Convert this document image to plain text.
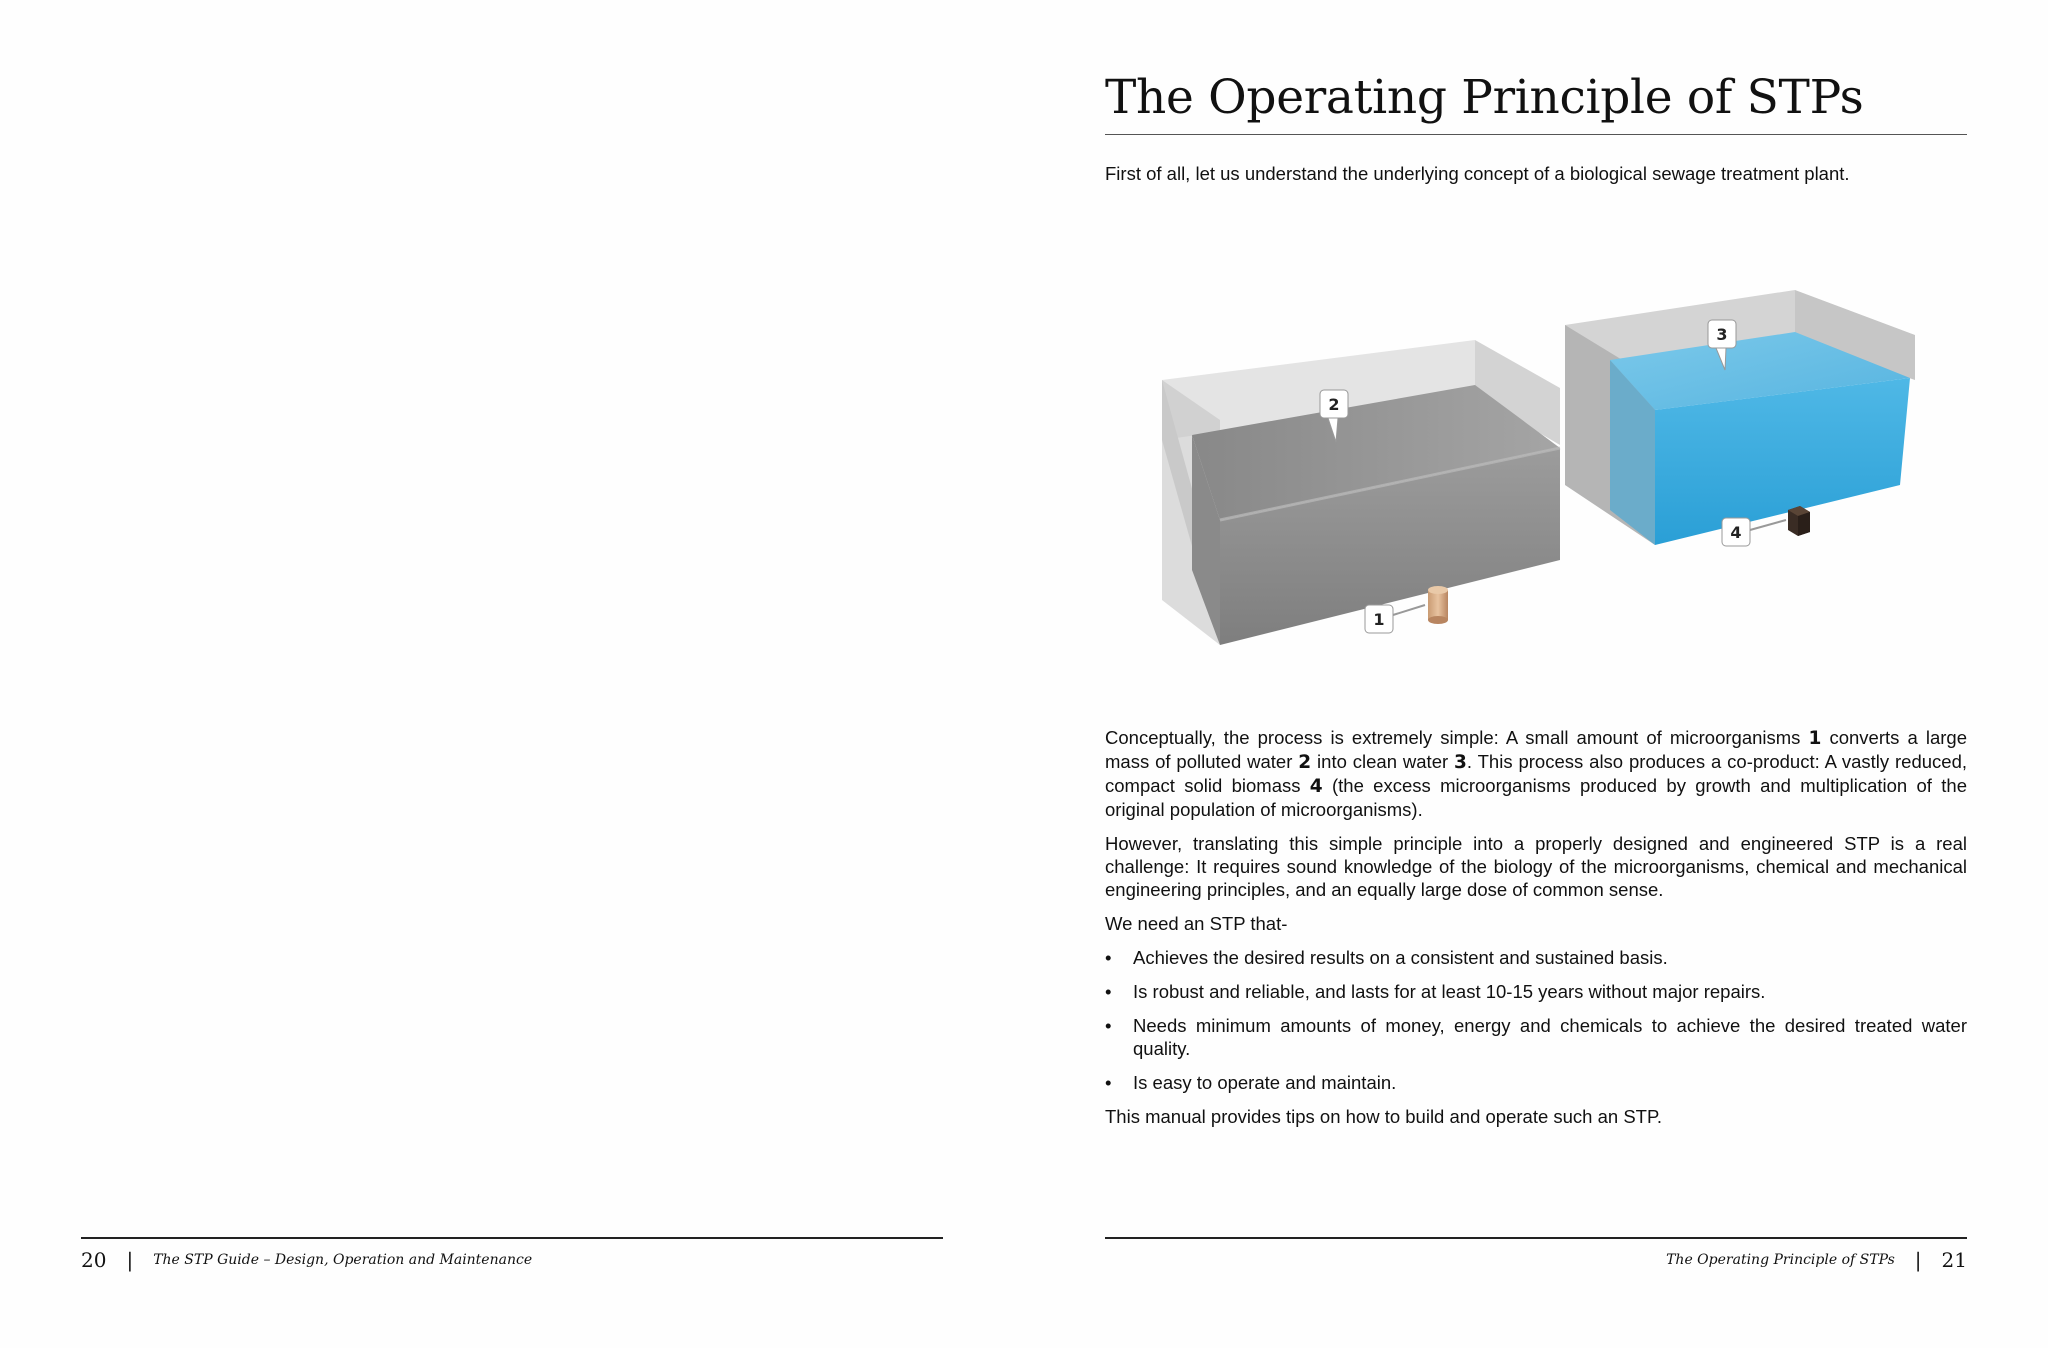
The Operating Principle of STPs
First of all, let us understand the underlying concept of a biological sewage treatment plant.
1
2
3
4

Conceptually, the process is extremely simple: A small amount of microorganisms 1 converts a large mass of polluted water 2 into clean water 3. This process also produces a co-product: A vastly reduced, compact solid biomass 4 (the excess microorganisms produced by growth and multiplication of the original population of microorganisms).

However, translating this simple principle into a properly designed and engineered STP is a real challenge: It requires sound knowledge of the biology of the microorganisms, chemical and mechanical engineering principles, and an equally large dose of common sense.

We need an STP that-

• Achieves the desired results on a consistent and sustained basis.
• Is robust and reliable, and lasts for at least 10-15 years without major repairs.
• Needs minimum amounts of money, energy and chemicals to achieve the desired treated water quality.
• Is easy to operate and maintain.

This manual provides tips on how to build and operate such an STP.

20 | The STP Guide – Design, Operation and Maintenance	The Operating Principle of STPs | 21
